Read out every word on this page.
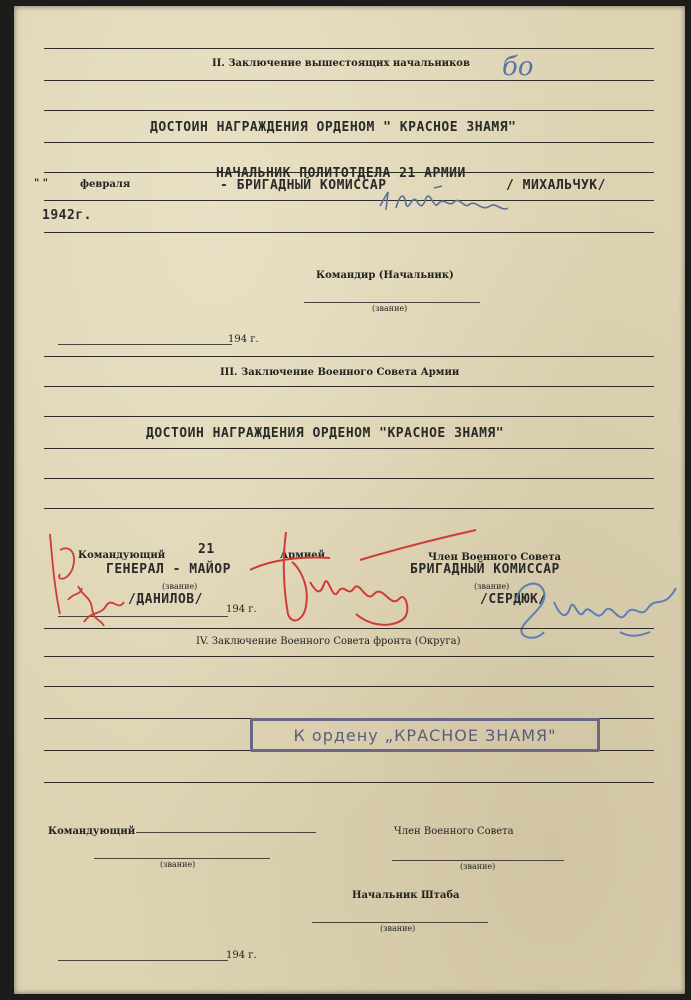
II. Заключение вышестоящих начальников бо
ДОСТОИН НАГРАЖДЕНИЯ ОРДЕНОМ " КРАСНОЕ ЗНАМЯ"
НАЧАЛЬНИК ПОЛИТОТДЕЛА 21 АРМИИ
" "	февраля	- БРИГАДНЫЙ КОМИССАР	/ МИХАЛЬЧУК/
1942г.
Командир (Начальник)
(звание)
194 г.
III. Заключение Военного Совета Армии
ДОСТОИН НАГРАЖДЕНИЯ ОРДЕНОМ "КРАСНОЕ ЗНАМЯ"
Командующий	21	Армией	Член Военного Совета
ГЕНЕРАЛ - МАЙОР	БРИГАДНЫЙ КОМИССАР
(звание)	(звание)
/ДАНИЛОВ/	/СЕРДЮК/
194 г.
IV. Заключение Военного Совета фронта (Округа)
К ордену „КРАСНОЕ ЗНАМЯ"
Командующий
(звание)
Член Военного Совета
(звание)
Начальник Штаба
(звание)
194 г.
